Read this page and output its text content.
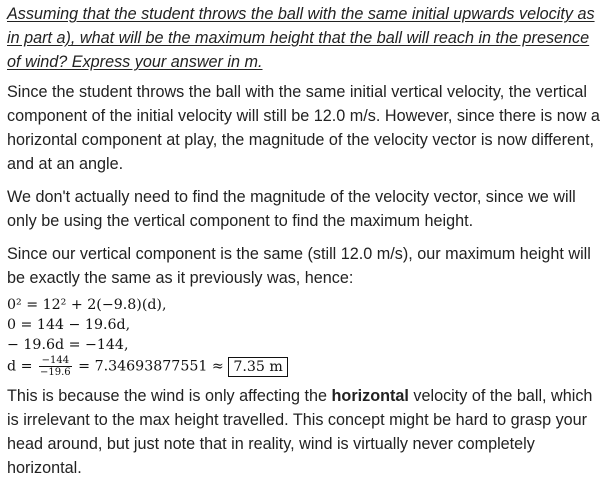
Assuming that the student throws the ball with the same initial upwards velocity as in part a), what will be the maximum height that the ball will reach in the presence of wind? Express your answer in m.
Since the student throws the ball with the same initial vertical velocity, the vertical component of the initial velocity will still be 12.0 m/s. However, since there is now a horizontal component at play, the magnitude of the velocity vector is now different, and at an angle.
We don't actually need to find the magnitude of the velocity vector, since we will only be using the vertical component to find the maximum height.
Since our vertical component is the same (still 12.0 m/s), our maximum height will be exactly the same as it previously was, hence:
0² = 12² + 2(−9.8)(d),
0 = 144 − 19.6d,
− 19.6d = −144,
$d = \frac{-144}{-19.6} = 7.34693877551 \approx 7.35$ m
This is because the wind is only affecting the horizontal velocity of the ball, which is irrelevant to the max height travelled. This concept might be hard to grasp your head around, but just note that in reality, wind is virtually never completely horizontal.
